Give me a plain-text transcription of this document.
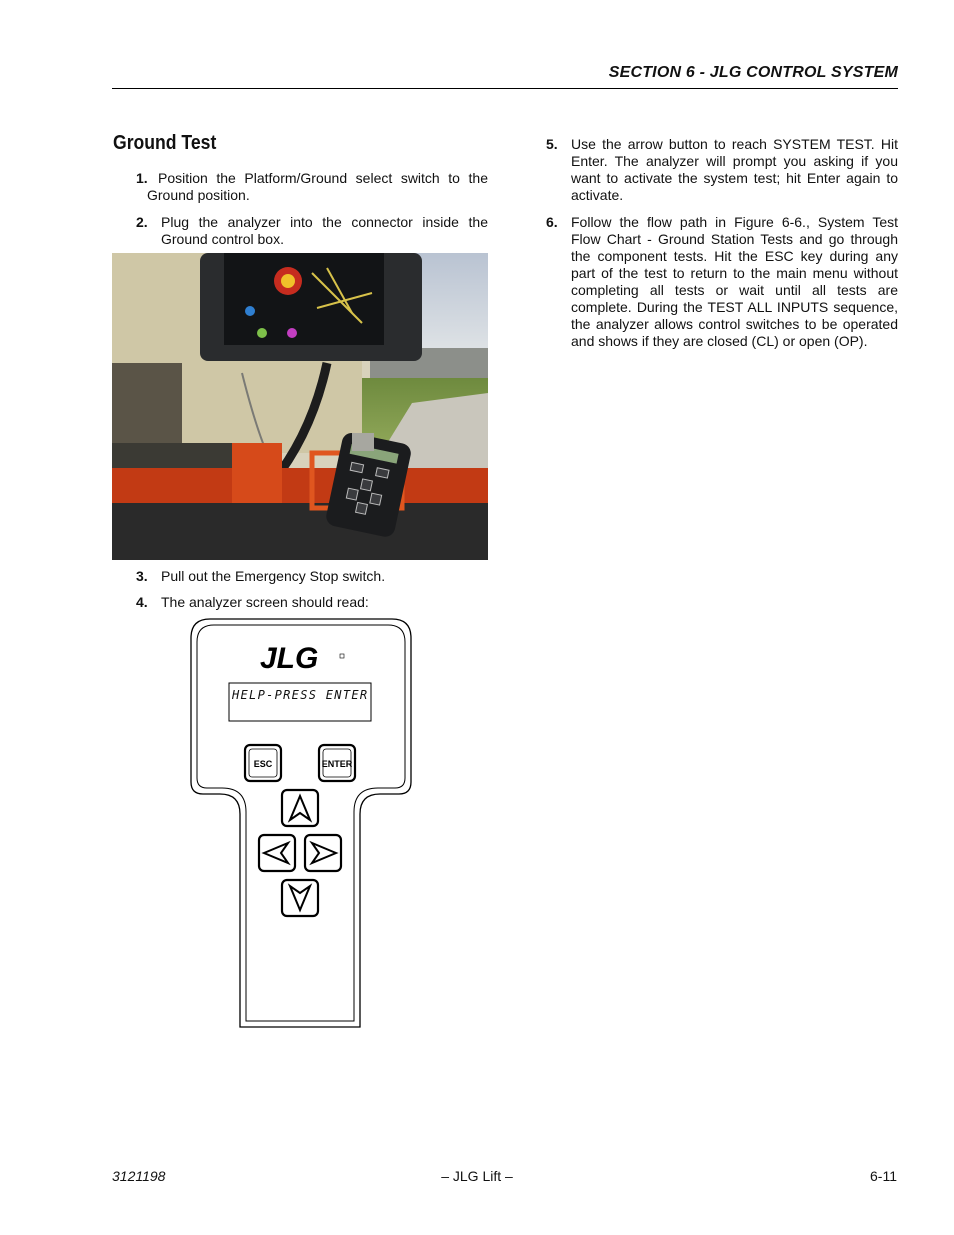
SECTION 6 - JLG CONTROL SYSTEM
Ground Test
1. Position the Platform/Ground select switch to the Ground position.
2. Plug the analyzer into the connector inside the Ground control box.
3. Pull out the Emergency Stop switch.
4. The analyzer screen should read:
JLG
ESC	ENTER
HELP-PRESS ENTER
5. Use the arrow button to reach SYSTEM TEST. Hit Enter. The analyzer will prompt you asking if you want to activate the system test; hit Enter again to activate.
6. Follow the flow path in Figure 6-6., System Test Flow Chart - Ground Station Tests and go through the component tests. Hit the ESC key during any part of the test to return to the main menu without completing all tests or wait until all tests are complete. During the TEST ALL INPUTS sequence, the analyzer allows control switches to be operated and shows if they are closed (CL) or open (OP).
3121198	– JLG Lift –	6-11
